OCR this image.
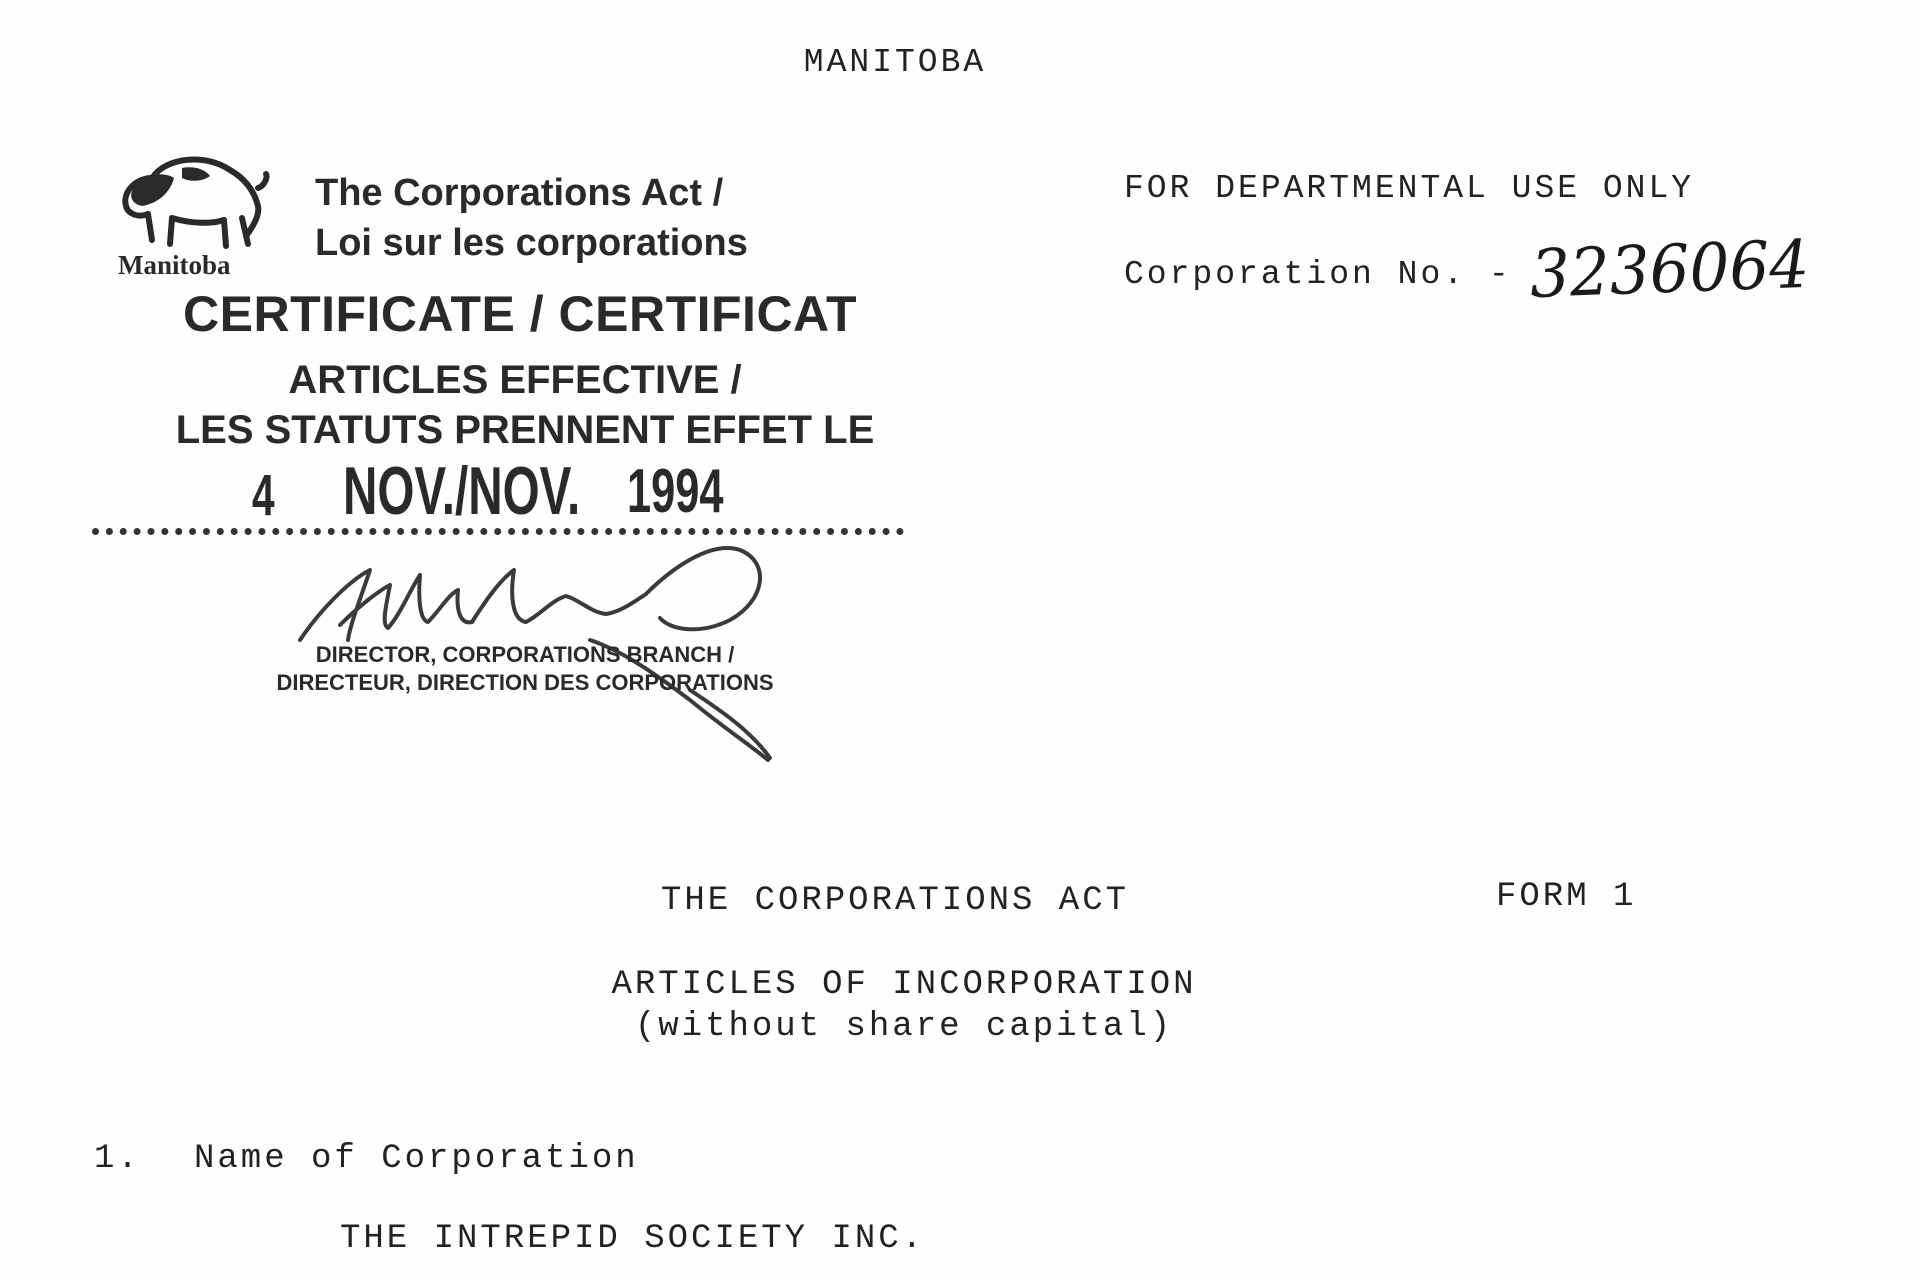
MANITOBA
Manitoba
The Corporations Act /
Loi sur les corporations
CERTIFICATE / CERTIFICAT
ARTICLES EFFECTIVE /
LES STATUTS PRENNENT EFFET LE
4 NOV./NOV. 1994
DIRECTOR, CORPORATIONS BRANCH /
DIRECTEUR, DIRECTION DES CORPORATIONS
FOR DEPARTMENTAL USE ONLY
Corporation No. - 3236064
THE CORPORATIONS ACT	FORM 1
ARTICLES OF INCORPORATION
(without share capital)
1. Name of Corporation
THE INTREPID SOCIETY INC.
